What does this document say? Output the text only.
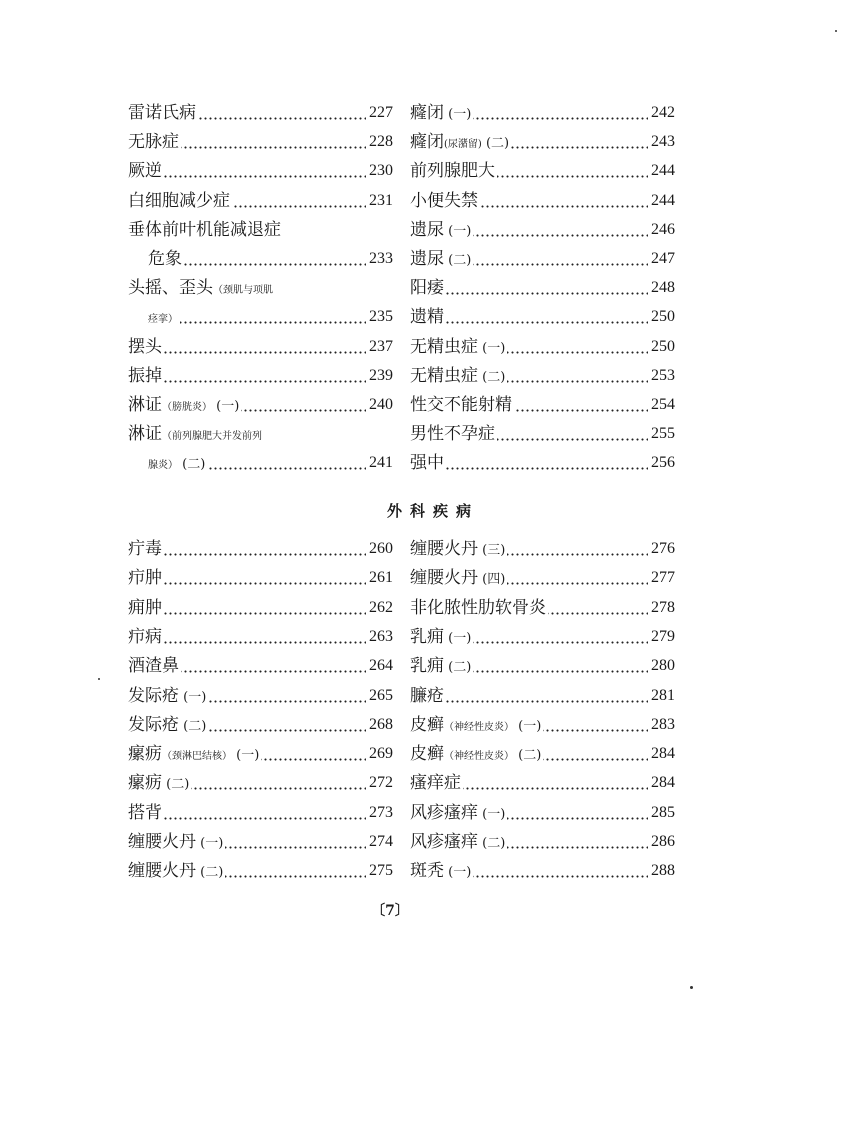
雷诺氏病	227
无脉症	228
厥逆	230
白细胞减少症	231
垂体前叶机能减退症
危象	233
头摇、歪头（颈肌与项肌
痉挛）	235
摆头	237
振掉	239
淋证（膀胱炎） (一)	240
淋证（前列腺肥大并发前列
腺炎） (二)	241
癃闭 (一)	242
癃闭(尿潴留) (二)	243
前列腺肥大	244
小便失禁	244
遗尿 (一)	246
遗尿 (二)	247
阳痿	248
遗精	250
无精虫症 (一)	250
无精虫症 (二)	253
性交不能射精	254
男性不孕症	255
强中	256
外科疾病
疔毒	260
疖肿	261
痈肿	262
疖病	263
酒渣鼻	264
发际疮 (一)	265
发际疮 (二)	268
瘰疬（颈淋巴结核） (一)	269
瘰疬 (二)	272
搭背	273
缠腰火丹 (一)	274
缠腰火丹 (二)	275
缠腰火丹 (三)	276
缠腰火丹 (四)	277
非化脓性肋软骨炎	278
乳痈 (一)	279
乳痈 (二)	280
臁疮	281
皮癣（神经性皮炎） (一)	283
皮癣（神经性皮炎） (二)	284
瘙痒症	284
风疹瘙痒 (一)	285
风疹瘙痒 (二)	286
斑秃 (一)	288
〔7〕
